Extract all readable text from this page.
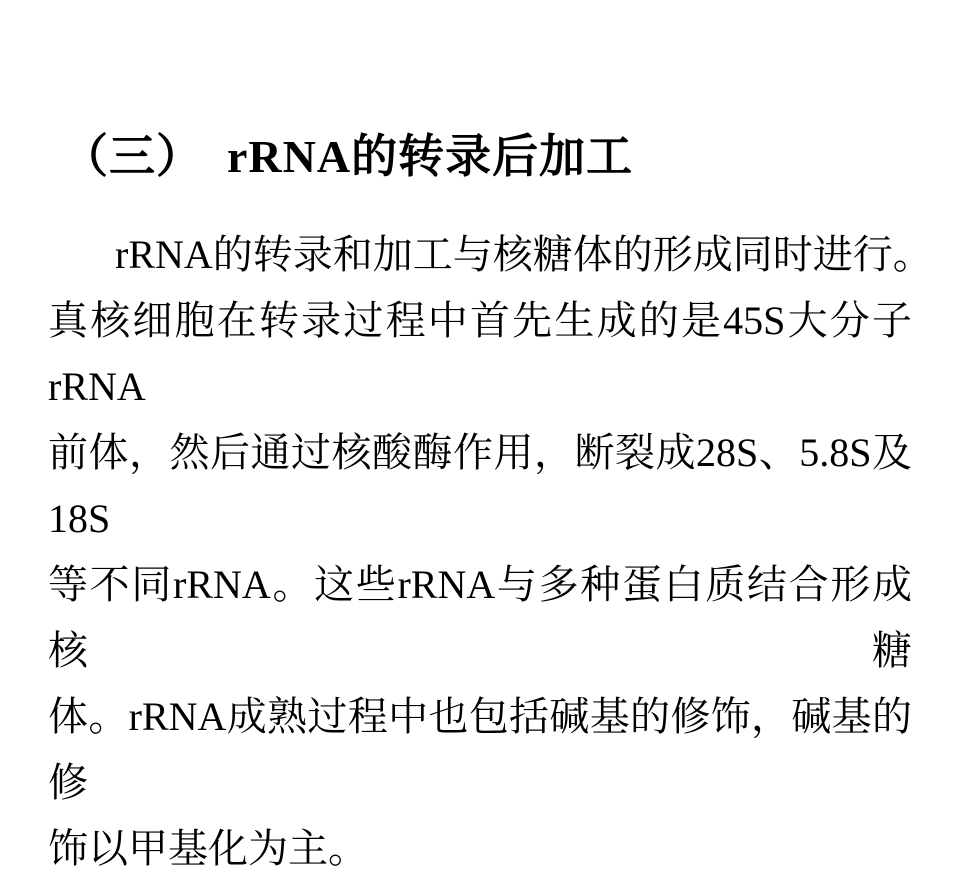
（三）　rRNA的转录后加工
rRNA的转录和加工与核糖体的形成同时进行。
真核细胞在转录过程中首先生成的是45S大分子rRNA
前体，然后通过核酸酶作用，断裂成28S、5.8S及18S
等不同rRNA。这些rRNA与多种蛋白质结合形成核糖
体。rRNA成熟过程中也包括碱基的修饰，碱基的修
饰以甲基化为主。
